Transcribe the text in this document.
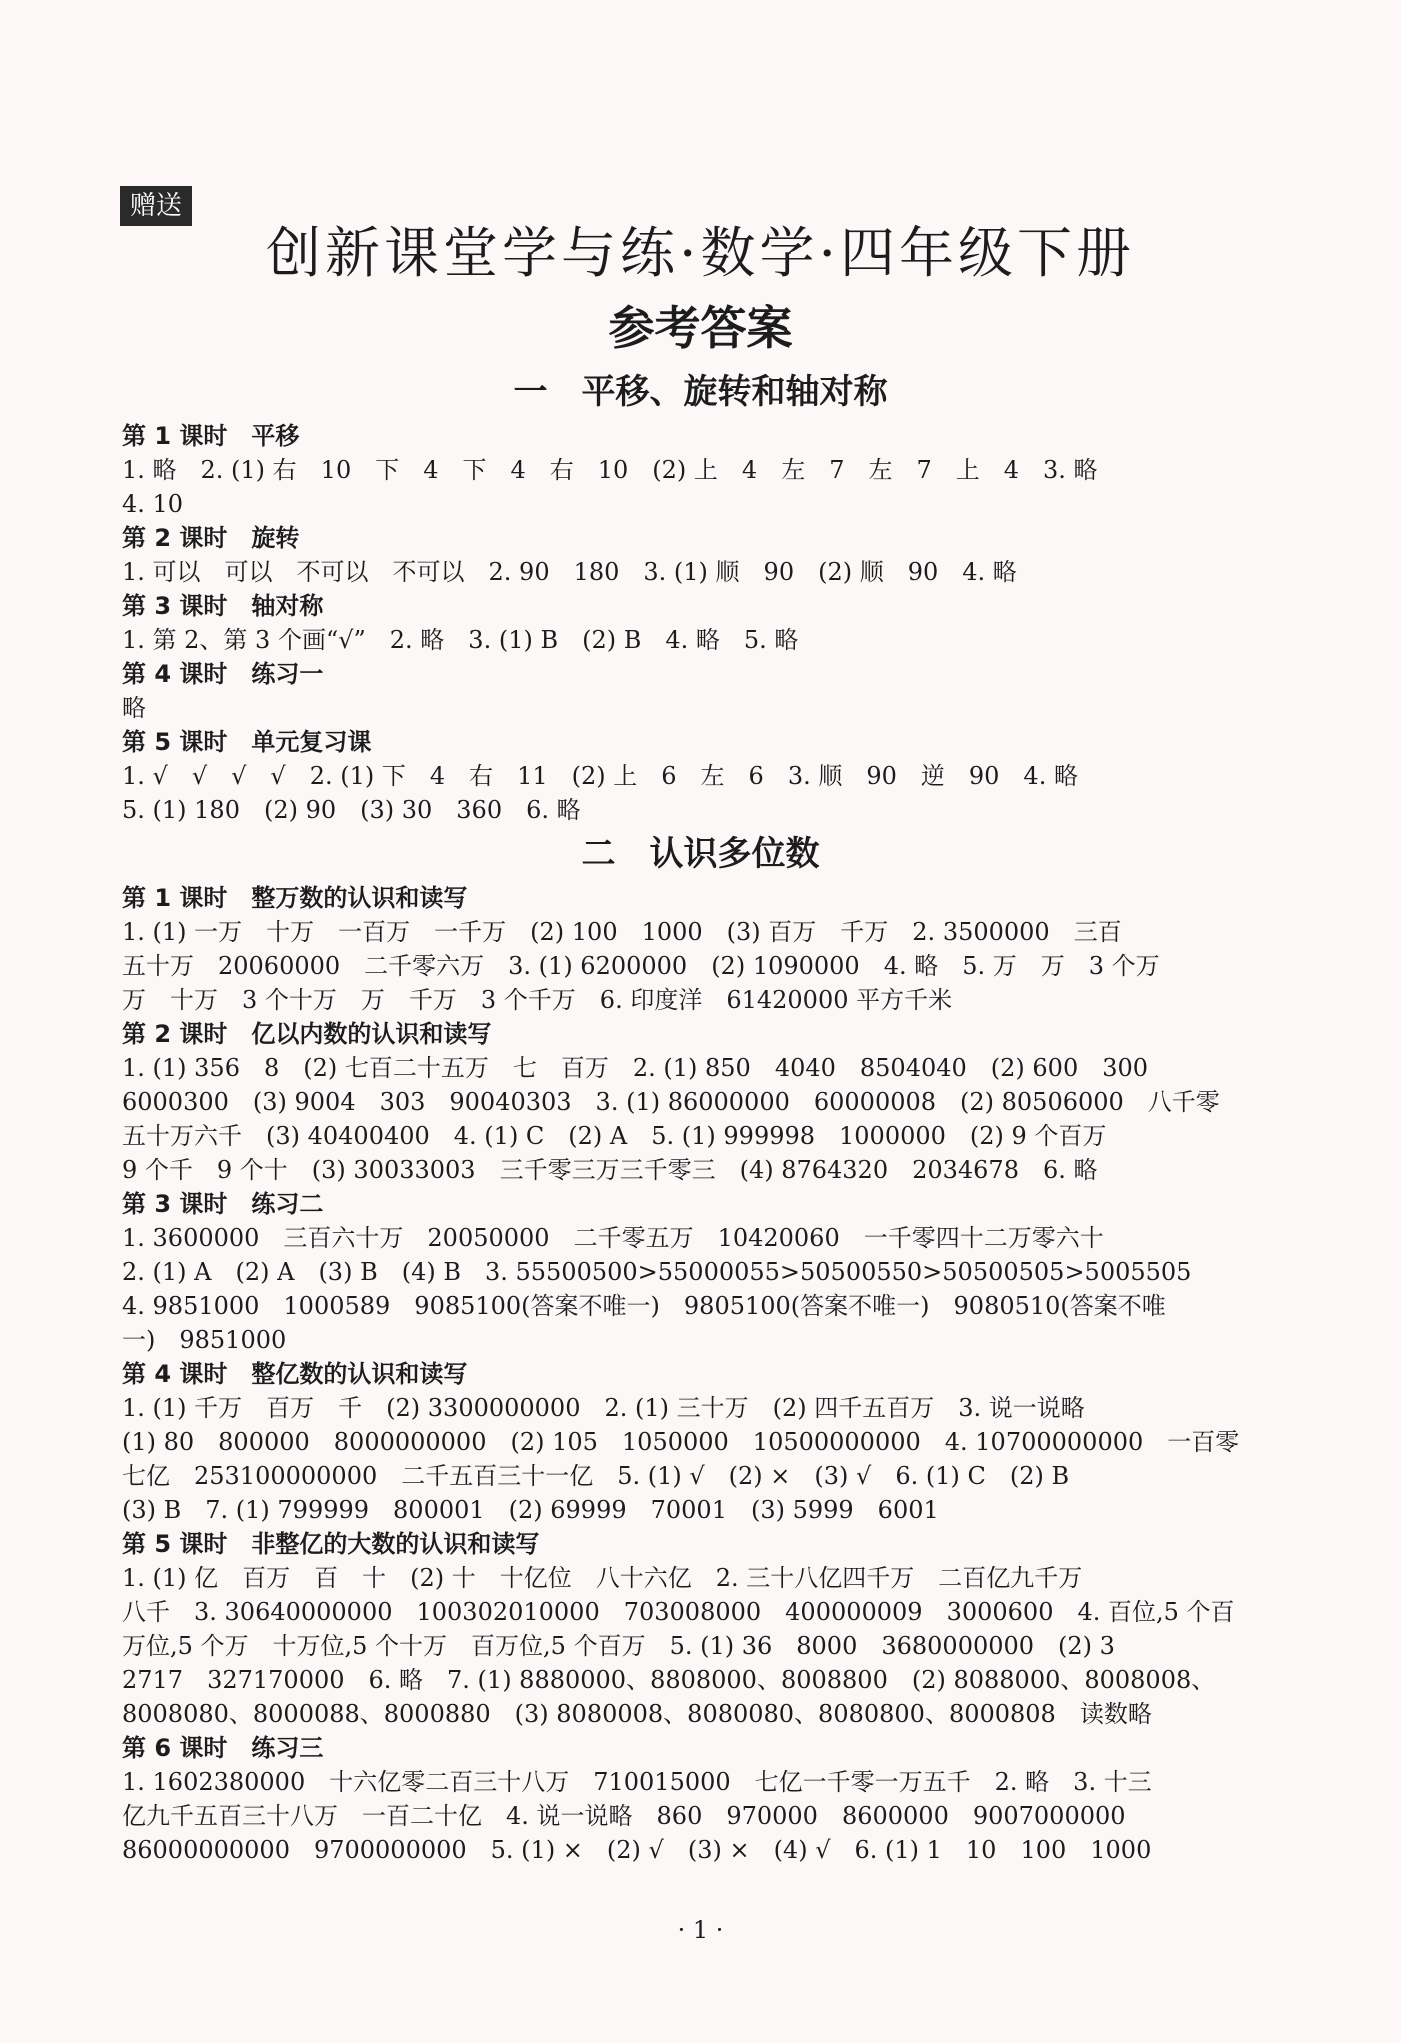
赠送
创新课堂学与练·数学·四年级下册
参考答案
一　平移、旋转和轴对称
第 1 课时　平移
1. 略　2. (1) 右　10　下　4　下　4　右　10　(2) 上　4　左　7　左　7　上　4　3. 略
4. 10
第 2 课时　旋转
1. 可以　可以　不可以　不可以　2. 90　180　3. (1) 顺　90　(2) 顺　90　4. 略
第 3 课时　轴对称
1. 第 2、第 3 个画“√”　2. 略　3. (1) B　(2) B　4. 略　5. 略
第 4 课时　练习一
略
第 5 课时　单元复习课
1. √　√　√　√　2. (1) 下　4　右　11　(2) 上　6　左　6　3. 顺　90　逆　90　4. 略
5. (1) 180　(2) 90　(3) 30　360　6. 略
二　认识多位数
第 1 课时　整万数的认识和读写
1. (1) 一万　十万　一百万　一千万　(2) 100　1000　(3) 百万　千万　2. 3500000　三百
五十万　20060000　二千零六万　3. (1) 6200000　(2) 1090000　4. 略　5. 万　万　3 个万
万　十万　3 个十万　万　千万　3 个千万　6. 印度洋　61420000 平方千米
第 2 课时　亿以内数的认识和读写
1. (1) 356　8　(2) 七百二十五万　七　百万　2. (1) 850　4040　8504040　(2) 600　300
6000300　(3) 9004　303　90040303　3. (1) 86000000　60000008　(2) 80506000　八千零
五十万六千　(3) 40400400　4. (1) C　(2) A　5. (1) 999998　1000000　(2) 9 个百万
9 个千　9 个十　(3) 30033003　三千零三万三千零三　(4) 8764320　2034678　6. 略
第 3 课时　练习二
1. 3600000　三百六十万　20050000　二千零五万　10420060　一千零四十二万零六十
2. (1) A　(2) A　(3) B　(4) B　3. 55500500>55000055>50500550>50500505>5005505
4. 9851000　1000589　9085100(答案不唯一)　9805100(答案不唯一)　9080510(答案不唯
一)　9851000
第 4 课时　整亿数的认识和读写
1. (1) 千万　百万　千　(2) 3300000000　2. (1) 三十万　(2) 四千五百万　3. 说一说略
(1) 80　800000　8000000000　(2) 105　1050000　10500000000　4. 10700000000　一百零
七亿　253100000000　二千五百三十一亿　5. (1) √　(2) ×　(3) √　6. (1) C　(2) B
(3) B　7. (1) 799999　800001　(2) 69999　70001　(3) 5999　6001
第 5 课时　非整亿的大数的认识和读写
1. (1) 亿　百万　百　十　(2) 十　十亿位　八十六亿　2. 三十八亿四千万　二百亿九千万
八千　3. 30640000000　100302010000　703008000　400000009　3000600　4. 百位,5 个百
万位,5 个万　十万位,5 个十万　百万位,5 个百万　5. (1) 36　8000　3680000000　(2) 3
2717　327170000　6. 略　7. (1) 8880000、8808000、8008800　(2) 8088000、8008008、
8008080、8000088、8000880　(3) 8080008、8080080、8080800、8000808　读数略
第 6 课时　练习三
1. 1602380000　十六亿零二百三十八万　710015000　七亿一千零一万五千　2. 略　3. 十三
亿九千五百三十八万　一百二十亿　4. 说一说略　860　970000　8600000　9007000000
86000000000　9700000000　5. (1) ×　(2) √　(3) ×　(4) √　6. (1) 1　10　100　1000
· 1 ·
